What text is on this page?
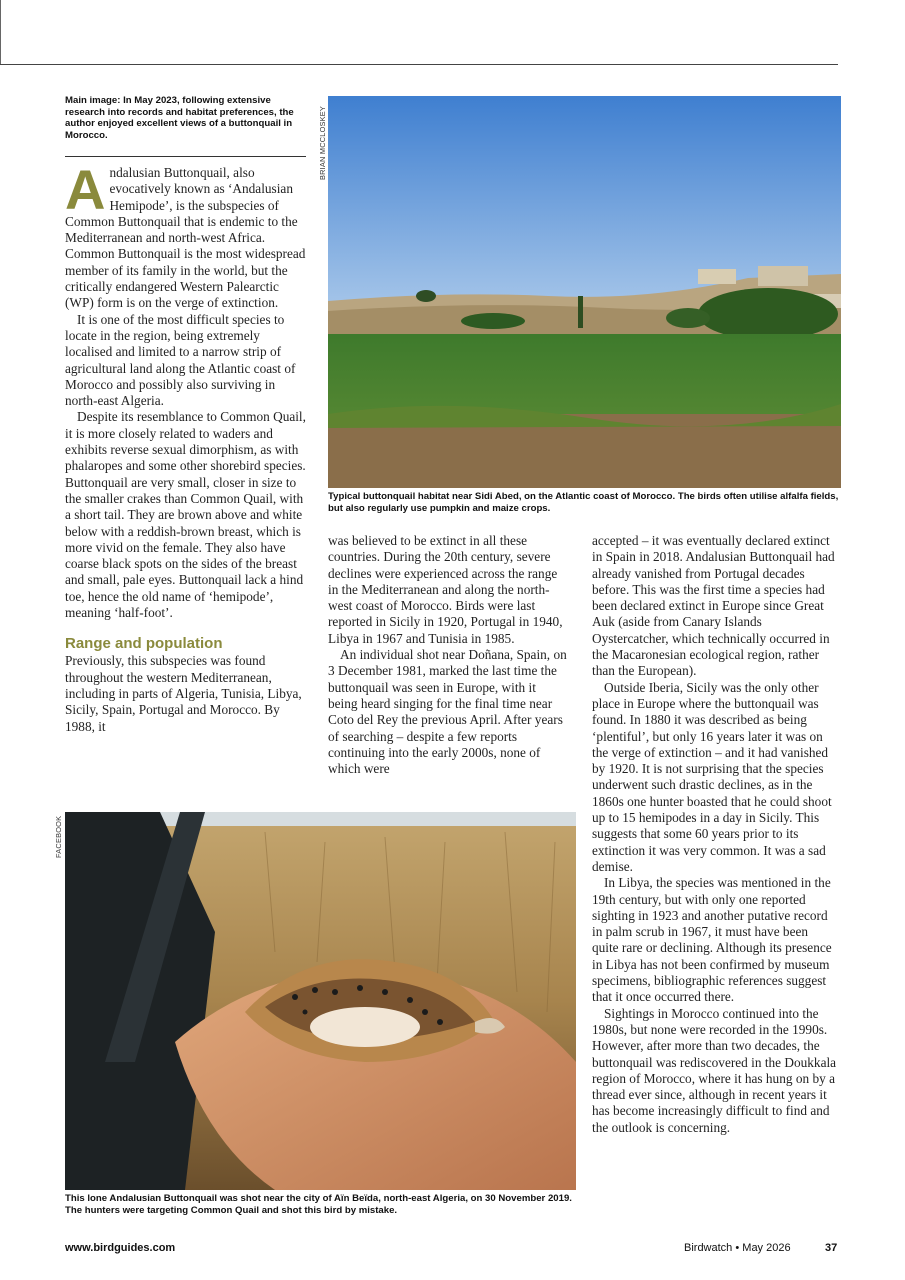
Main image: In May 2023, following extensive research into records and habitat preferences, the author enjoyed excellent views of a buttonquail in Morocco.	BRIAN MCCLOSKEY

Typical buttonquail habitat near Sidi Abed, on the Atlantic coast of Morocco. The birds often utilise alfalfa fields, but also regularly use pumpkin and maize crops.

Andalusian Buttonquail, also evocatively known as ‘Andalusian Hemipode’, is the subspecies of Common Buttonquail that is endemic to the Mediterranean and north-west Africa. Common Buttonquail is the most widespread member of its family in the world, but the critically endangered Western Palearctic (WP) form is on the verge of extinction.

It is one of the most difficult species to locate in the region, being extremely localised and limited to a narrow strip of agricultural land along the Atlantic coast of Morocco and possibly also surviving in north-east Algeria.

Despite its resemblance to Common Quail, it is more closely related to waders and exhibits reverse sexual dimorphism, as with phalaropes and some other shorebird species. Buttonquail are very small, closer in size to the smaller crakes than Common Quail, with a short tail. They are brown above and white below with a reddish-brown breast, which is more vivid on the female. They also have coarse black spots on the sides of the breast and small, pale eyes. Buttonquail lack a hind toe, hence the old name of ‘hemipode’, meaning ‘half-foot’.

Range and population

Previously, this subspecies was found throughout the western Mediterranean, including in parts of Algeria, Tunisia, Libya, Sicily, Spain, Portugal and Morocco. By 1988, it

was believed to be extinct in all these countries. During the 20th century, severe declines were experienced across the range in the Mediterranean and along the north-west coast of Morocco. Birds were last reported in Sicily in 1920, Portugal in 1940, Libya in 1967 and Tunisia in 1985.

An individual shot near Doñana, Spain, on 3 December 1981, marked the last time the buttonquail was seen in Europe, with it being heard singing for the final time near Coto del Rey the previous April. After years of searching – despite a few reports continuing into the early 2000s, none of which were

accepted – it was eventually declared extinct in Spain in 2018. Andalusian Buttonquail had already vanished from Portugal decades before. This was the first time a species had been declared extinct in Europe since Great Auk (aside from Canary Islands Oystercatcher, which technically occurred in the Macaronesian ecological region, rather than the European).

Outside Iberia, Sicily was the only other place in Europe where the buttonquail was found. In 1880 it was described as being ‘plentiful’, but only 16 years later it was on the verge of extinction – and it had vanished by 1920. It is not surprising that the species underwent such drastic declines, as in the 1860s one hunter boasted that he could shoot up to 15 hemipodes in a day in Sicily. This suggests that some 60 years prior to its extinction it was very common. It was a sad demise.

In Libya, the species was mentioned in the 19th century, but with only one reported sighting in 1923 and another putative record in palm scrub in 1967, it must have been quite rare or declining. Although its presence in Libya has not been confirmed by museum specimens, bibliographic references suggest that it once occurred there.

Sightings in Morocco continued into the 1980s, but none were recorded in the 1990s. However, after more than two decades, the buttonquail was rediscovered in the Doukkala region of Morocco, where it has hung on by a thread ever since, although in recent years it has become increasingly difficult to find and the outlook is concerning.

FACEBOOK

This lone Andalusian Buttonquail was shot near the city of Aïn Beïda, north-east Algeria, on 30 November 2019. The hunters were targeting Common Quail and shot this bird by mistake.

www.birdguides.com	Birdwatch • May 2026	37
